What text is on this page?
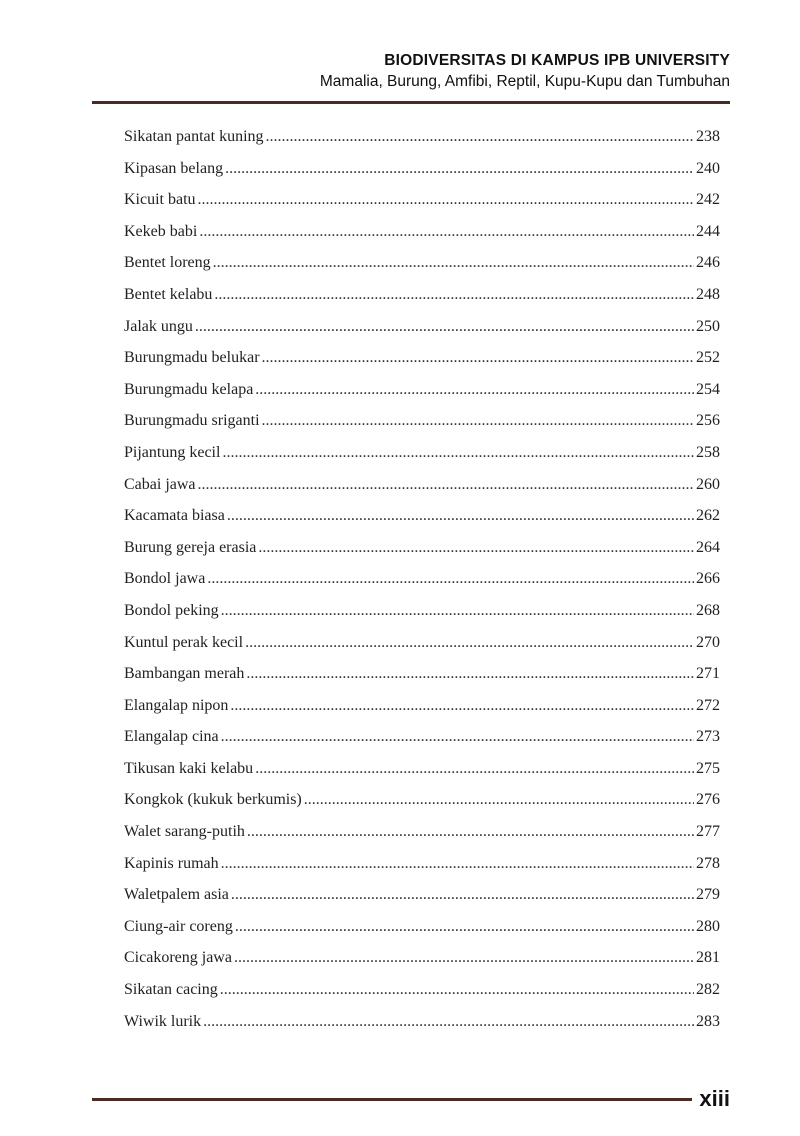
BIODIVERSITAS DI KAMPUS IPB UNIVERSITY
Mamalia, Burung, Amfibi, Reptil, Kupu-Kupu dan Tumbuhan
Sikatan pantat kuning .....	238
Kipasan belang .....	240
Kicuit batu .....	242
Kekeb babi .....	244
Bentet loreng .....	246
Bentet kelabu .....	248
Jalak ungu .....	250
Burungmadu belukar .....	252
Burungmadu kelapa .....	254
Burungmadu sriganti .....	256
Pijantung kecil .....	258
Cabai jawa .....	260
Kacamata biasa .....	262
Burung gereja erasia .....	264
Bondol jawa .....	266
Bondol peking .....	268
Kuntul perak kecil .....	270
Bambangan merah .....	271
Elangalap nipon .....	272
Elangalap cina .....	273
Tikusan kaki kelabu .....	275
Kongkok (kukuk berkumis) .....	276
Walet sarang-putih .....	277
Kapinis rumah .....	278
Waletpalem asia .....	279
Ciung-air coreng .....	280
Cicakoreng jawa .....	281
Sikatan cacing .....	282
Wiwik lurik .....	283
xiii
